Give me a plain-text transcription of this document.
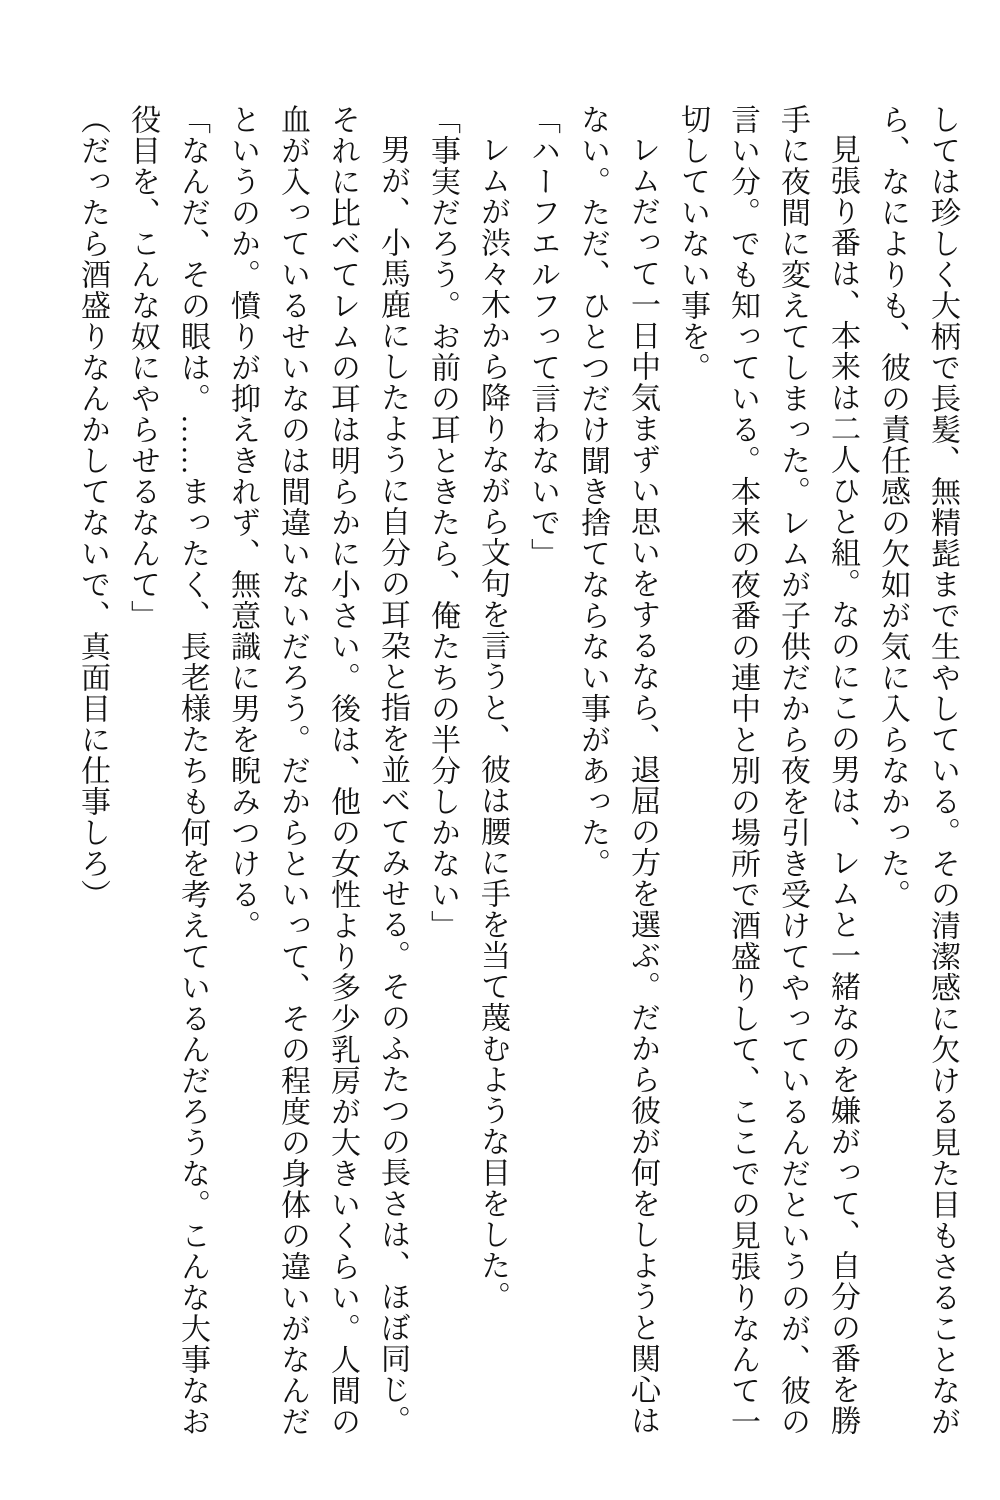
しては珍しく大柄で長髪、無精髭まで生やしている。その清潔感に欠ける見た目もさることながら、なによりも、彼の責任感の欠如が気に入らなかった。

見張り番は、本来は二人ひと組。なのにこの男は、レムと一緒なのを嫌がって、自分の番を勝手に夜間に変えてしまった。レムが子供だから夜を引き受けてやっているんだというのが、彼の言い分。でも知っている。本来の夜番の連中と別の場所で酒盛りして、ここでの見張りなんて一切していない事を。

レムだって一日中気まずい思いをするなら、退屈の方を選ぶ。だから彼が何をしようと関心はない。ただ、ひとつだけ聞き捨てならない事があった。

「ハーフエルフって言わないで」

レムが渋々木から降りながら文句を言うと、彼は腰に手を当て蔑むような目をした。

「事実だろう。お前の耳ときたら、俺たちの半分しかない」

男が、小馬鹿にしたように自分の耳朶と指を並べてみせる。そのふたつの長さは、ほぼ同じ。それに比べてレムの耳は明らかに小さい。後は、他の女性より多少乳房が大きいくらい。人間の血が入っているせいなのは間違いないだろう。だからといって、その程度の身体の違いがなんだというのか。憤りが抑えきれず、無意識に男を睨みつける。

「なんだ、その眼は。……まったく、長老様たちも何を考えているんだろうな。こんな大事なお役目を、こんな奴にやらせるなんて」

（だったら酒盛りなんかしてないで、真面目に仕事しろ）
